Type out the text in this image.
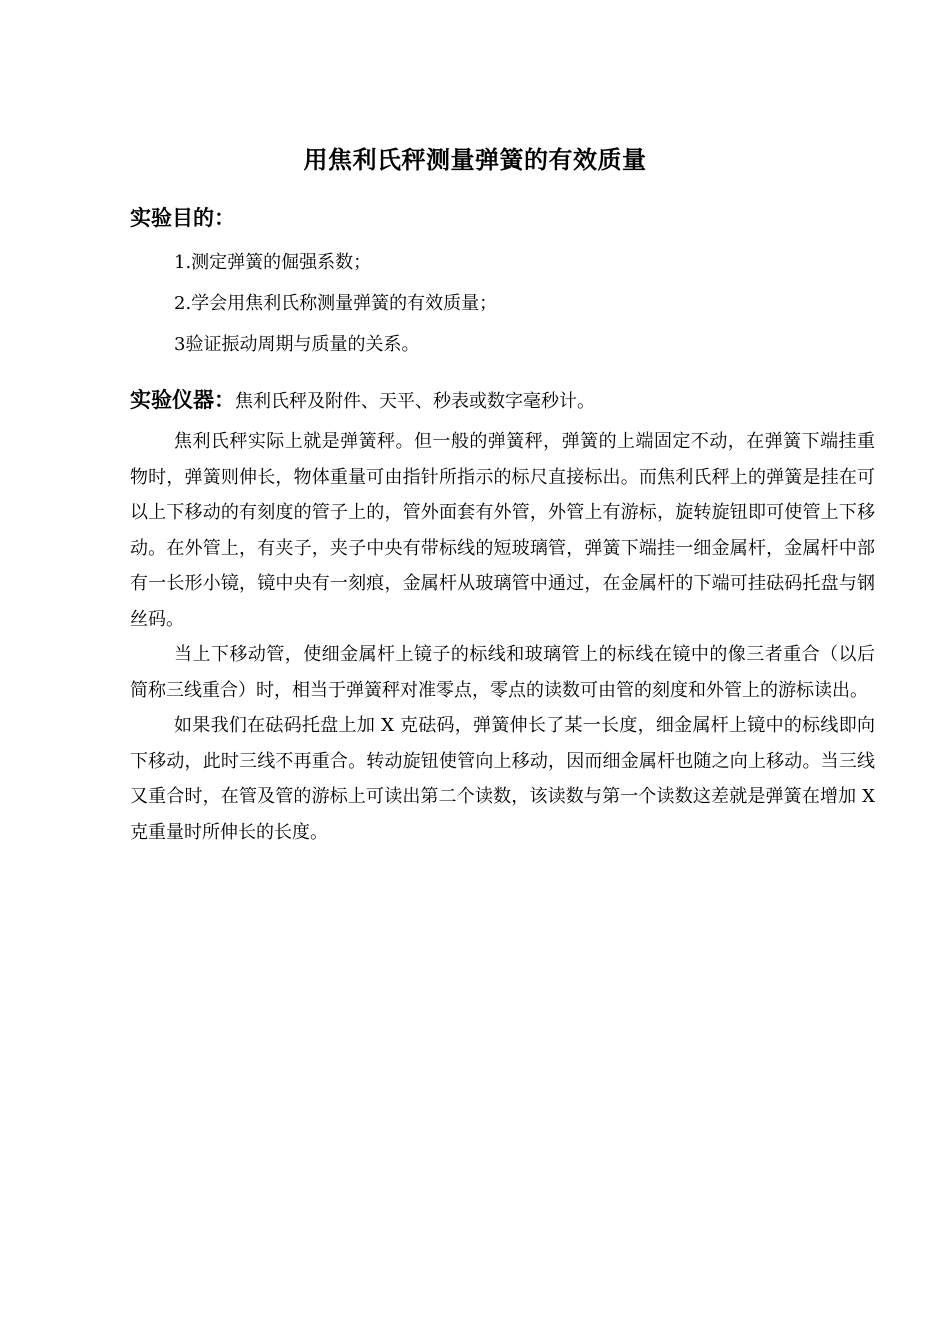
用焦利氏秤测量弹簧的有效质量
实验目的：
1.测定弹簧的倔强系数；
2.学会用焦利氏称测量弹簧的有效质量；
3验证振动周期与质量的关系。

实验仪器：焦利氏秤及附件、天平、秒表或数字毫秒计。

焦利氏秤实际上就是弹簧秤。但一般的弹簧秤，弹簧的上端固定不动，在弹簧下端挂重物时，弹簧则伸长，物体重量可由指针所指示的标尺直接标出。而焦利氏秤上的弹簧是挂在可以上下移动的有刻度的管子上的，管外面套有外管，外管上有游标，旋转旋钮即可使管上下移动。在外管上，有夹子，夹子中央有带标线的短玻璃管，弹簧下端挂一细金属杆，金属杆中部有一长形小镜，镜中央有一刻痕，金属杆从玻璃管中通过，在金属杆的下端可挂砝码托盘与钢丝码。

当上下移动管，使细金属杆上镜子的标线和玻璃管上的标线在镜中的像三者重合（以后简称三线重合）时，相当于弹簧秤对准零点，零点的读数可由管的刻度和外管上的游标读出。

如果我们在砝码托盘上加 X 克砝码，弹簧伸长了某一长度，细金属杆上镜中的标线即向下移动，此时三线不再重合。转动旋钮使管向上移动，因而细金属杆也随之向上移动。当三线又重合时，在管及管的游标上可读出第二个读数，该读数与第一个读数这差就是弹簧在增加 X 克重量时所伸长的长度。
